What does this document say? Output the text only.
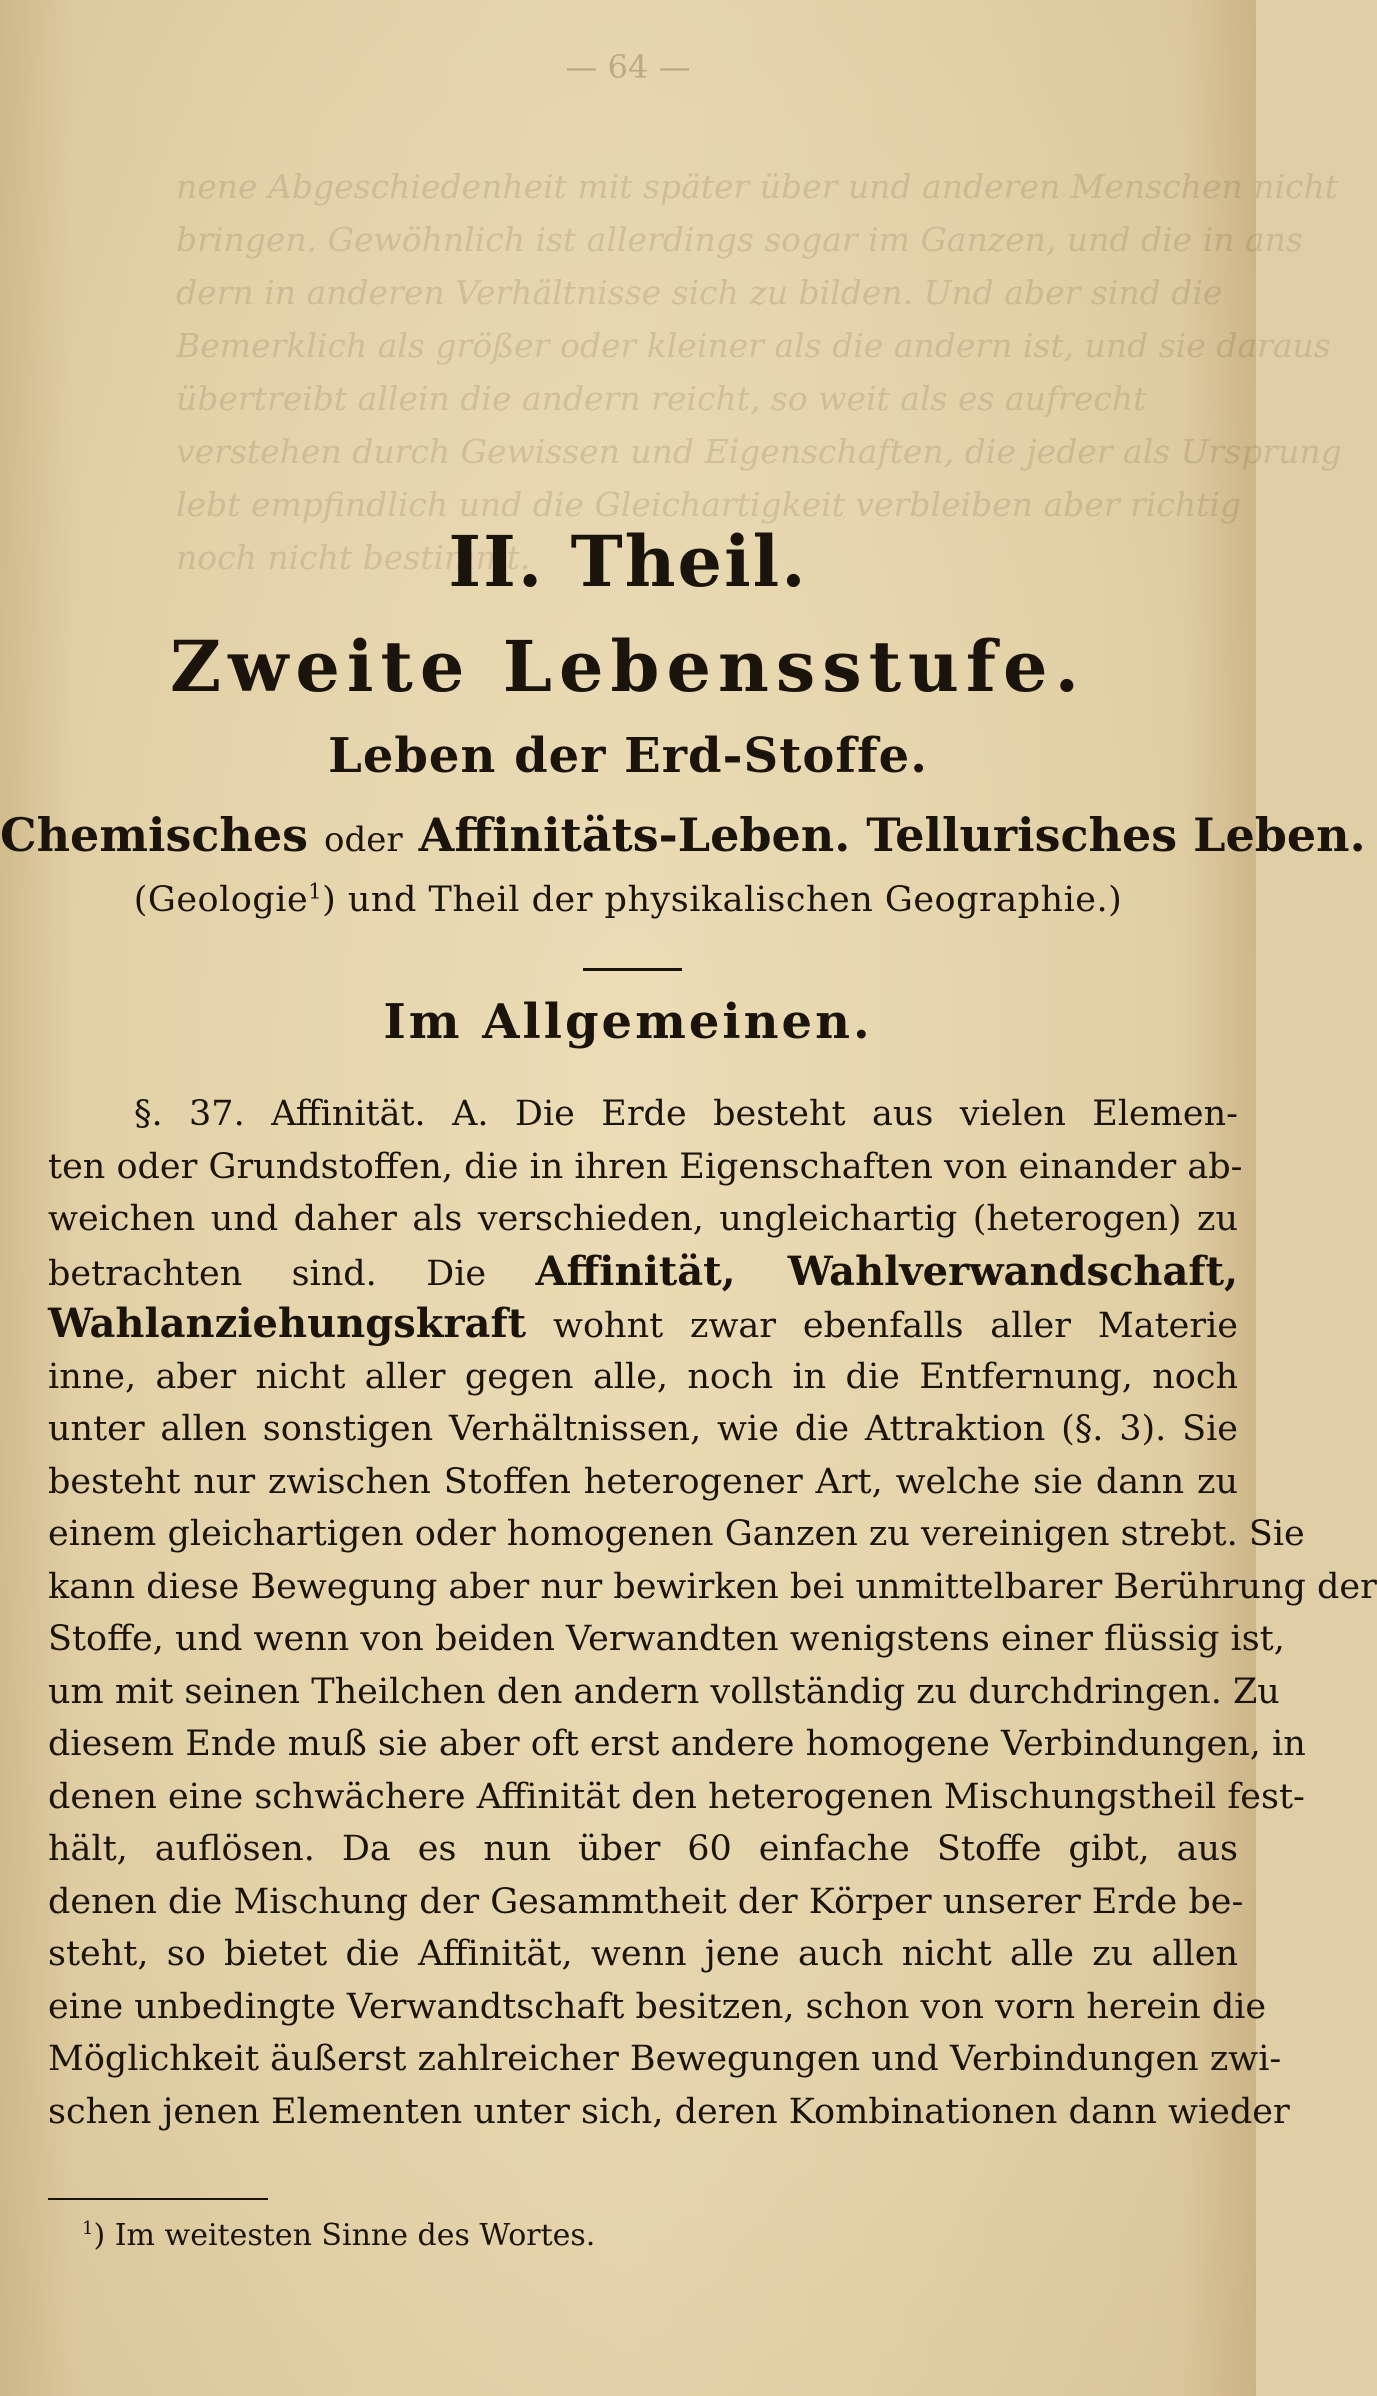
— 64 —
nene Abgeschiedenheit mit später über und anderen Menschen nicht
bringen. Gewöhnlich ist allerdings sogar im Ganzen, und die in ans
dern in anderen Verhältnisse sich zu bilden. Und aber sind die
Bemerklich als größer oder kleiner als die andern ist, und sie daraus
übertreibt allein die andern reicht, so weit als es aufrecht
verstehen durch Gewissen und Eigenschaften, die jeder als Ursprung
lebt empfindlich und die Gleichartigkeit verbleiben aber richtig
noch nicht bestimmt.
II. Theil.
Zweite Lebensstufe.
Leben der Erd-Stoffe.
Chemisches oder Affinitäts-Leben. Tellurisches Leben.
(Geologie$^1$) und Theil der physikalischen Geographie.)
Im Allgemeinen.
§. 37. Affinität. A. Die Erde besteht aus vielen Elemen-
ten oder Grundstoffen, die in ihren Eigenschaften von einander ab-
weichen und daher als verschieden, ungleichartig (heterogen) zu
betrachten sind. Die Affinität, Wahlverwandschaft,
Wahlanziehungskraft wohnt zwar ebenfalls aller Materie
inne, aber nicht aller gegen alle, noch in die Entfernung, noch
unter allen sonstigen Verhältnissen, wie die Attraktion (§. 3). Sie
besteht nur zwischen Stoffen heterogener Art, welche sie dann zu
einem gleichartigen oder homogenen Ganzen zu vereinigen strebt. Sie
kann diese Bewegung aber nur bewirken bei unmittelbarer Berührung der
Stoffe, und wenn von beiden Verwandten wenigstens einer flüssig ist,
um mit seinen Theilchen den andern vollständig zu durchdringen. Zu
diesem Ende muß sie aber oft erst andere homogene Verbindungen, in
denen eine schwächere Affinität den heterogenen Mischungstheil fest-
hält, auflösen. Da es nun über 60 einfache Stoffe gibt, aus
denen die Mischung der Gesammtheit der Körper unserer Erde be-
steht, so bietet die Affinität, wenn jene auch nicht alle zu allen
eine unbedingte Verwandtschaft besitzen, schon von vorn herein die
Möglichkeit äußerst zahlreicher Bewegungen und Verbindungen zwi-
schen jenen Elementen unter sich, deren Kombinationen dann wieder
$^1$) Im weitesten Sinne des Wortes.
